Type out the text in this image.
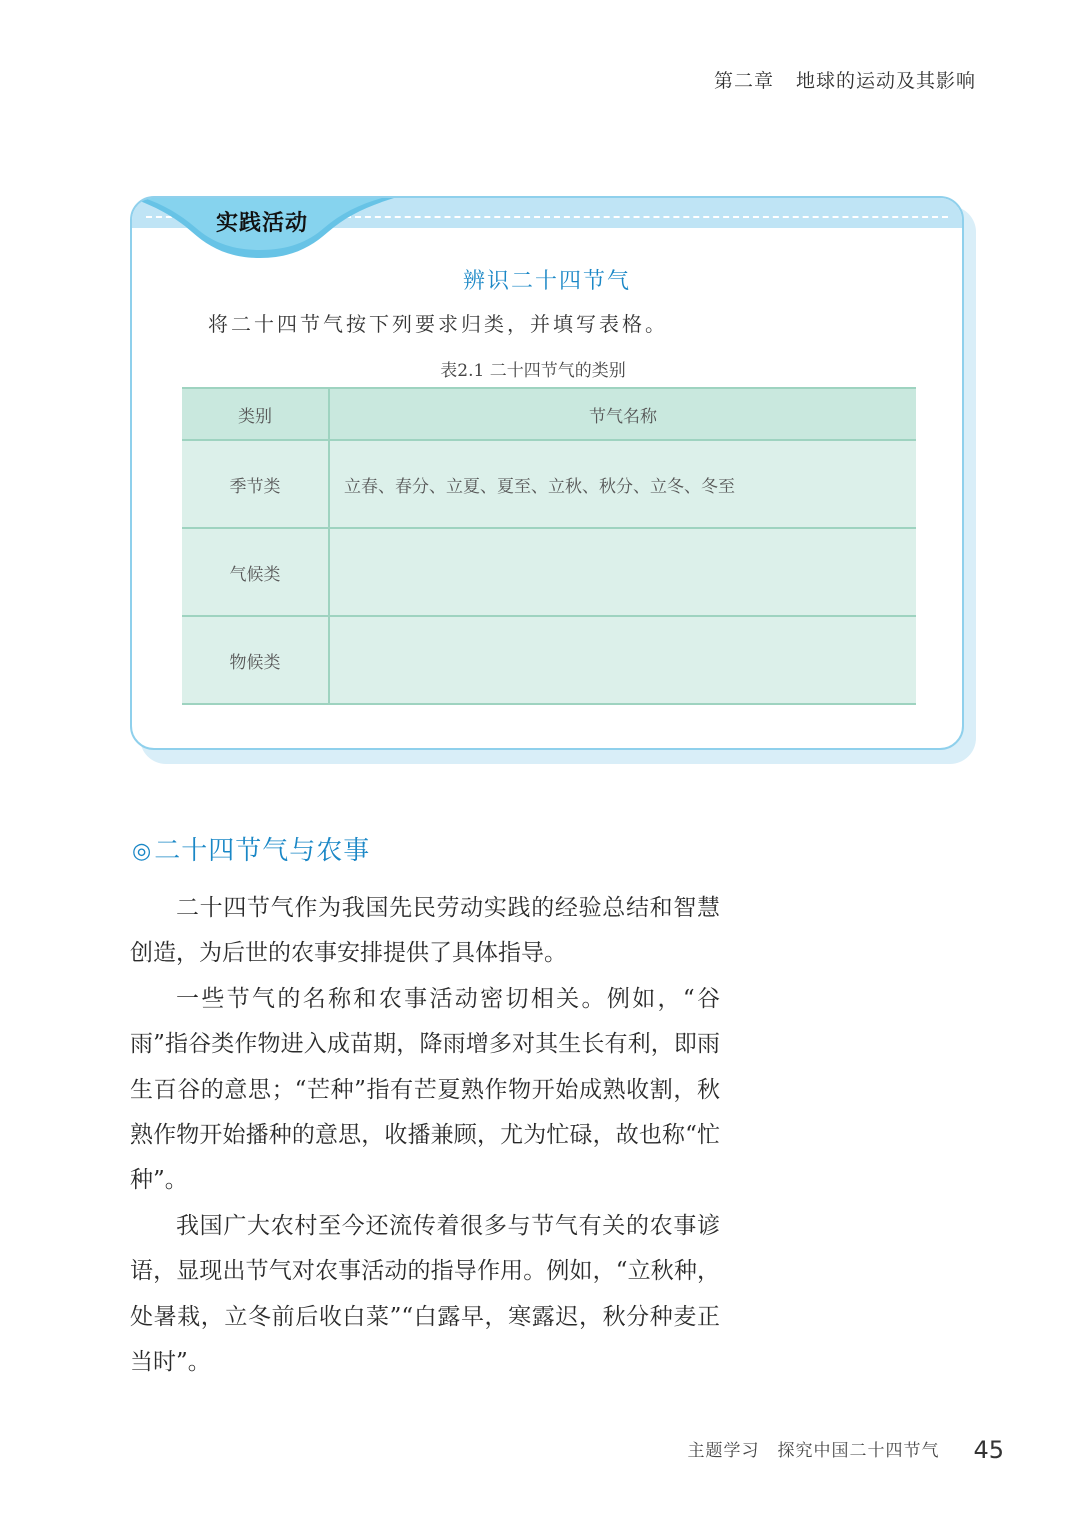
第二章 地球的运动及其影响
实践活动
辨识二十四节气
将二十四节气按下列要求归类，并填写表格。
表2.1 二十四节气的类别
类别	节气名称
季节类	立春、春分、立夏、夏至、立秋、秋分、立冬、冬至
气候类	
物候类	
◎二十四节气与农事

二十四节气作为我国先民劳动实践的经验总结和智慧创造，为后世的农事安排提供了具体指导。

一些节气的名称和农事活动密切相关。例如，“谷雨”指谷类作物进入成苗期，降雨增多对其生长有利，即雨生百谷的意思；“芒种”指有芒夏熟作物开始成熟收割，秋熟作物开始播种的意思，收播兼顾，尤为忙碌，故也称“忙种”。

我国广大农村至今还流传着很多与节气有关的农事谚语，显现出节气对农事活动的指导作用。例如，“立秋种，处暑栽，立冬前后收白菜”“白露早，寒露迟，秋分种麦正当时”。

主题学习 探究中国二十四节气 45
